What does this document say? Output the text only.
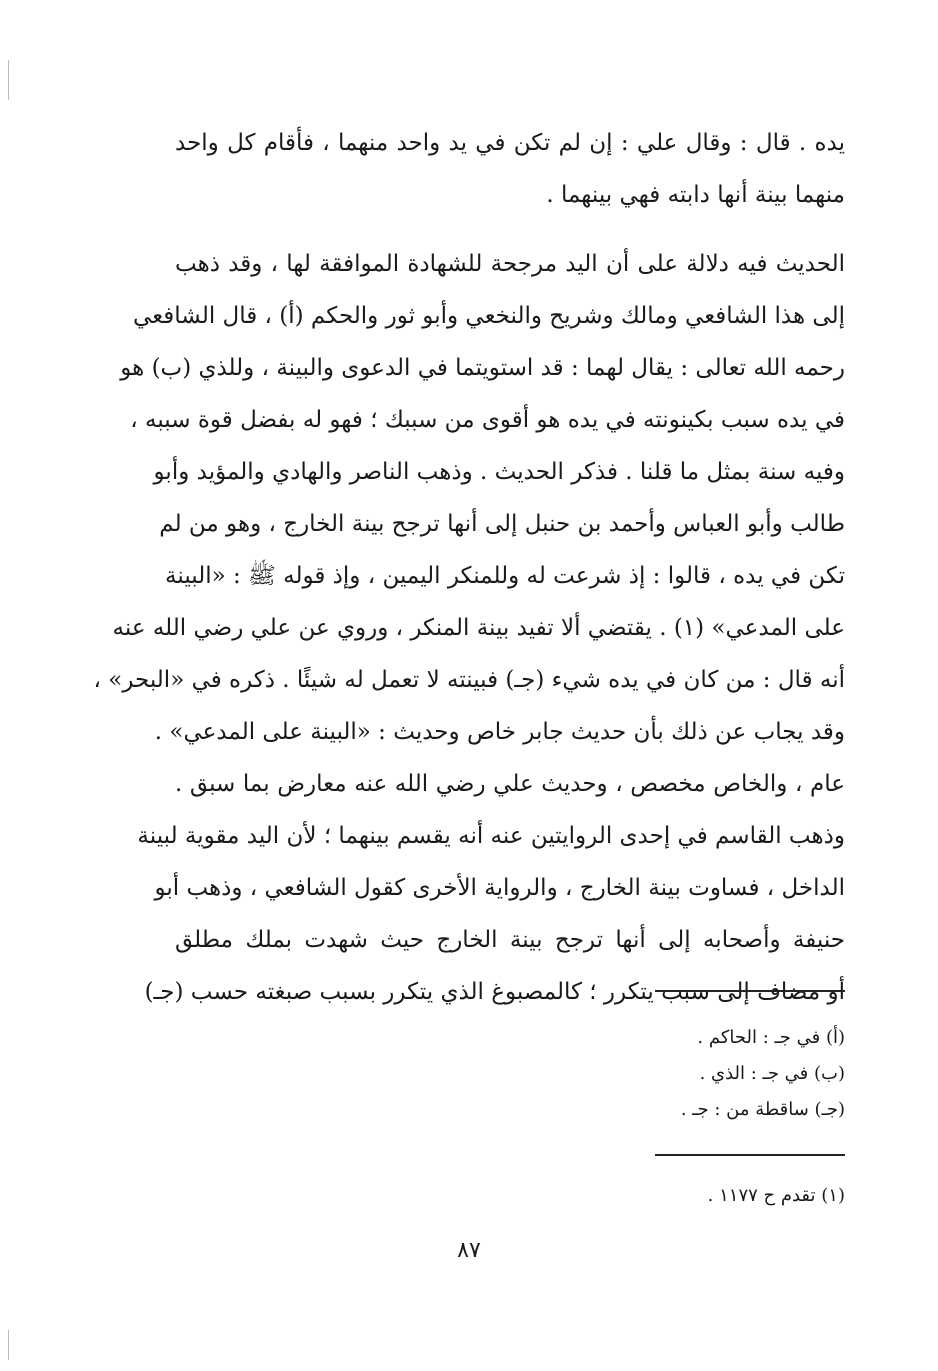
يده . قال : وقال علي : إن لم تكن في يد واحد منهما ، فأقام كل واحد
منهما بينة أنها دابته فهي بينهما .
الحديث فيه دلالة على أن اليد مرجحة للشهادة الموافقة لها ، وقد ذهب
إلى هذا الشافعي ومالك وشريح والنخعي وأبو ثور والحكم (أ) ، قال الشافعي
رحمه الله تعالى : يقال لهما : قد استويتما في الدعوى والبينة ، وللذي (ب) هو
في يده سبب بكينونته في يده هو أقوى من سببك ؛ فهو له بفضل قوة سببه ،
وفيه سنة بمثل ما قلنا . فذكر الحديث . وذهب الناصر والهادي والمؤيد وأبو
طالب وأبو العباس وأحمد بن حنبل إلى أنها ترجح بينة الخارج ، وهو من لم
تكن في يده ، قالوا : إذ شرعت له وللمنكر اليمين ، وإذ قوله ﷺ : «البينة
على المدعي» (١) . يقتضي ألا تفيد بينة المنكر ، وروي عن علي رضي الله عنه
أنه قال : من كان في يده شيء (جـ) فبينته لا تعمل له شيئًا . ذكره في «البحر» ،
وقد يجاب عن ذلك بأن حديث جابر خاص وحديث : «البينة على المدعي» .
عام ، والخاص مخصص ، وحديث علي رضي الله عنه معارض بما سبق .
وذهب القاسم في إحدى الروايتين عنه أنه يقسم بينهما ؛ لأن اليد مقوية لبينة
الداخل ، فساوت بينة الخارج ، والرواية الأخرى كقول الشافعي ، وذهب أبو
حنيفة وأصحابه إلى أنها ترجح بينة الخارج حيث شهدت بملك مطلق
أو مضاف إلى سبب يتكرر ؛ كالمصبوغ الذي يتكرر بسبب صبغته حسب (جـ)
(أ) في جـ : الحاكم .
(ب) في جـ : الذي .
(جـ) ساقطة من : جـ .
(١) تقدم ح ١١٧٧ .
٨٧
